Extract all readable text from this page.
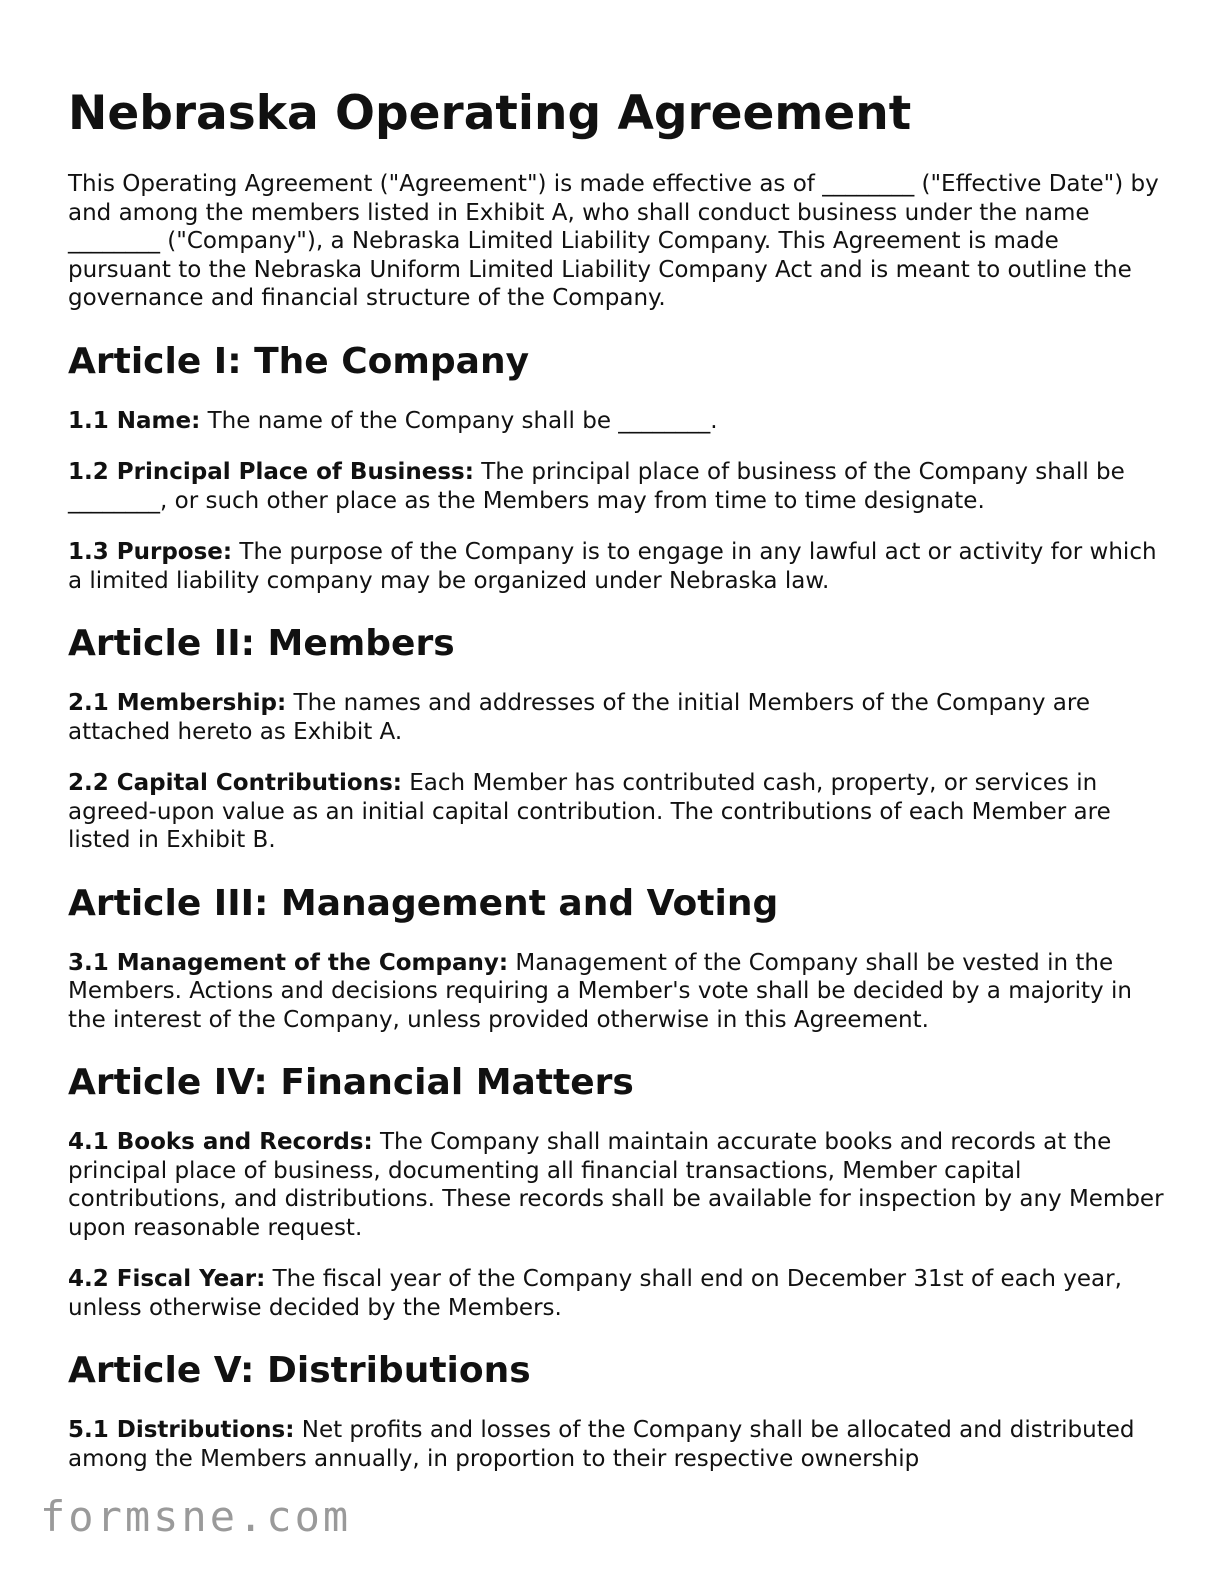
Nebraska Operating Agreement

This Operating Agreement ("Agreement") is made effective as of ________ ("Effective Date") by and among the members listed in Exhibit A, who shall conduct business under the name ________ ("Company"), a Nebraska Limited Liability Company. This Agreement is made pursuant to the Nebraska Uniform Limited Liability Company Act and is meant to outline the governance and financial structure of the Company.

Article I: The Company

1.1 Name: The name of the Company shall be ________.

1.2 Principal Place of Business: The principal place of business of the Company shall be ________, or such other place as the Members may from time to time designate.

1.3 Purpose: The purpose of the Company is to engage in any lawful act or activity for which a limited liability company may be organized under Nebraska law.

Article II: Members

2.1 Membership: The names and addresses of the initial Members of the Company are attached hereto as Exhibit A.

2.2 Capital Contributions: Each Member has contributed cash, property, or services in agreed-upon value as an initial capital contribution. The contributions of each Member are listed in Exhibit B.

Article III: Management and Voting

3.1 Management of the Company: Management of the Company shall be vested in the Members. Actions and decisions requiring a Member's vote shall be decided by a majority in the interest of the Company, unless provided otherwise in this Agreement.

Article IV: Financial Matters

4.1 Books and Records: The Company shall maintain accurate books and records at the principal place of business, documenting all financial transactions, Member capital contributions, and distributions. These records shall be available for inspection by any Member upon reasonable request.

4.2 Fiscal Year: The fiscal year of the Company shall end on December 31st of each year, unless otherwise decided by the Members.

Article V: Distributions

5.1 Distributions: Net profits and losses of the Company shall be allocated and distributed among the Members annually, in proportion to their respective ownership

formsne.com
